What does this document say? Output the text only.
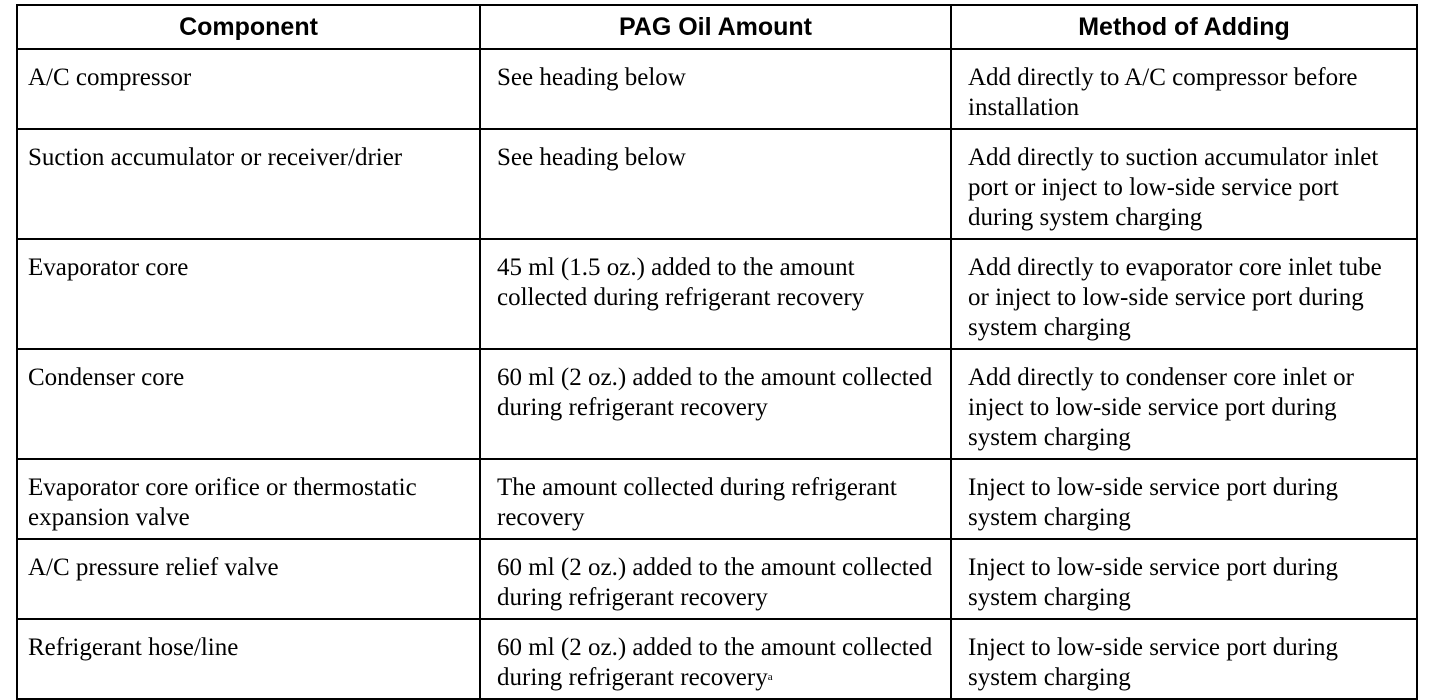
Component	PAG Oil Amount	Method of Adding
A/C compressor	See heading below	Add directly to A/C compressor before installation
Suction accumulator or receiver/drier	See heading below	Add directly to suction accumulator inlet port or inject to low-side service port during system charging
Evaporator core	45 ml (1.5 oz.) added to the amount collected during refrigerant recovery	Add directly to evaporator core inlet tube or inject to low-side service port during system charging
Condenser core	60 ml (2 oz.) added to the amount collected during refrigerant recovery	Add directly to condenser core inlet or inject to low-side service port during system charging
Evaporator core orifice or thermostatic expansion valve	The amount collected during refrigerant recovery	Inject to low-side service port during system charging
A/C pressure relief valve	60 ml (2 oz.) added to the amount collected during refrigerant recovery	Inject to low-side service port during system charging
Refrigerant hose/line	60 ml (2 oz.) added to the amount collected during refrigerant recovery$^a$	Inject to low-side service port during system charging
